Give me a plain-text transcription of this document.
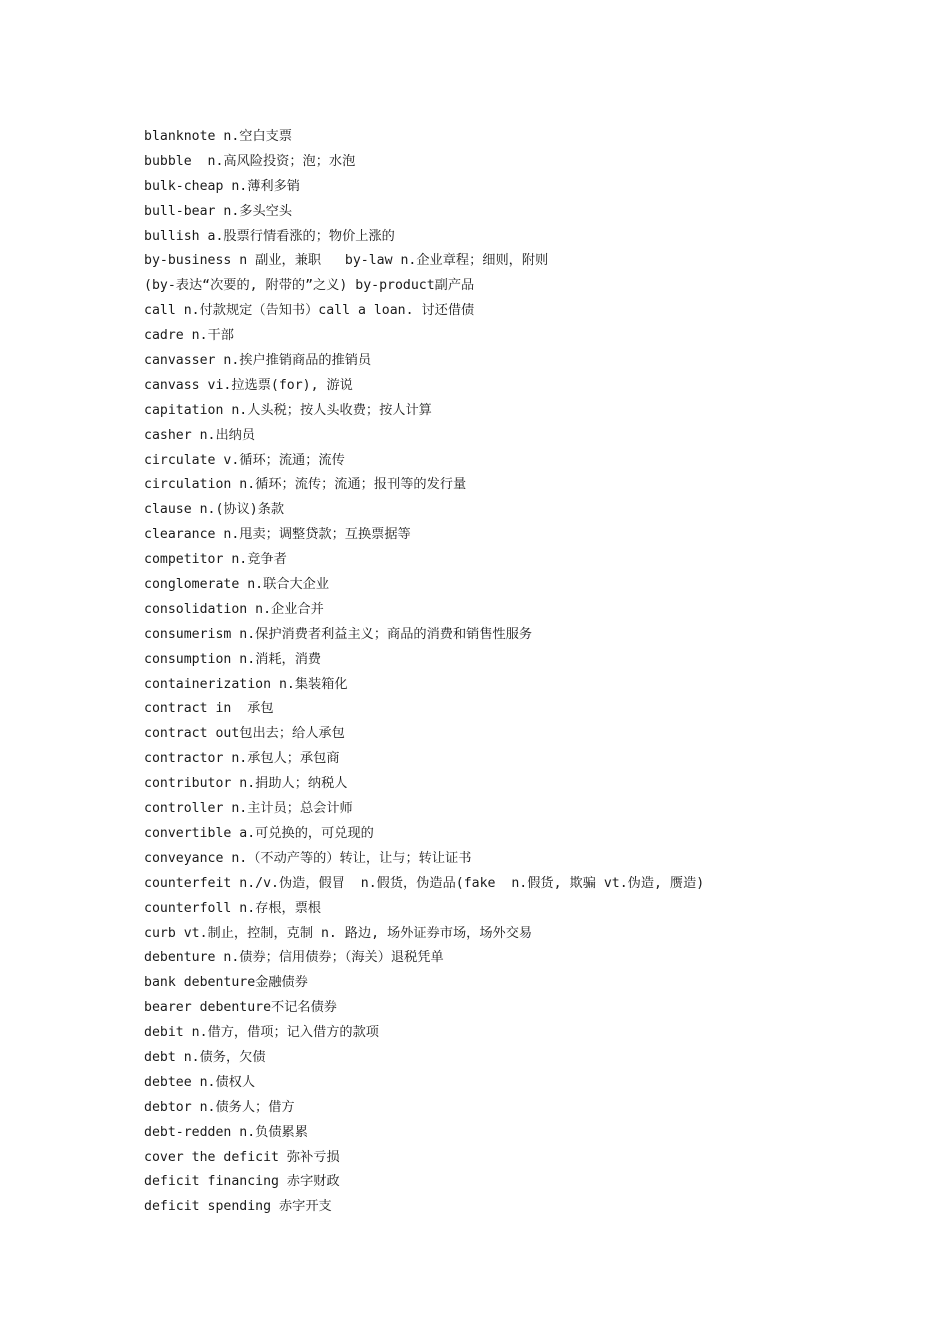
blanknote n.空白支票
bubble  n.高风险投资；泡；水泡
bulk-cheap n.薄利多销
bull-bear n.多头空头
bullish a.股票行情看涨的；物价上涨的
by-business n 副业，兼职   by-law n.企业章程；细则，附则
(by-表达“次要的, 附带的”之义) by-product副产品
call n.付款规定（告知书）call a loan. 讨还借债
cadre n.干部
canvasser n.挨户推销商品的推销员
canvass vi.拉选票(for), 游说
capitation n.人头税；按人头收费；按人计算
casher n.出纳员
circulate v.循环；流通；流传
circulation n.循环；流传；流通；报刊等的发行量
clause n.(协议)条款
clearance n.甩卖；调整贷款；互换票据等
competitor n.竞争者
conglomerate n.联合大企业
consolidation n.企业合并
consumerism n.保护消费者利益主义；商品的消费和销售性服务
consumption n.消耗，消费
containerization n.集装箱化
contract in  承包
contract out包出去；给人承包
contractor n.承包人；承包商
contributor n.捐助人；纳税人
controller n.主计员；总会计师
convertible a.可兑换的，可兑现的
conveyance n.（不动产等的）转让，让与；转让证书
counterfeit n./v.伪造，假冒  n.假货，伪造品(fake  n.假货, 欺骗 vt.伪造, 赝造)
counterfoll n.存根，票根
curb vt.制止，控制，克制 n. 路边, 场外证券市场，场外交易
debenture n.债券；信用债券；（海关）退税凭单
bank debenture金融债券
bearer debenture不记名债券
debit n.借方，借项；记入借方的款项
debt n.债务，欠债
debtee n.债权人
debtor n.债务人；借方
debt-redden n.负债累累
cover the deficit 弥补亏损
deficit financing 赤字财政
deficit spending 赤字开支
